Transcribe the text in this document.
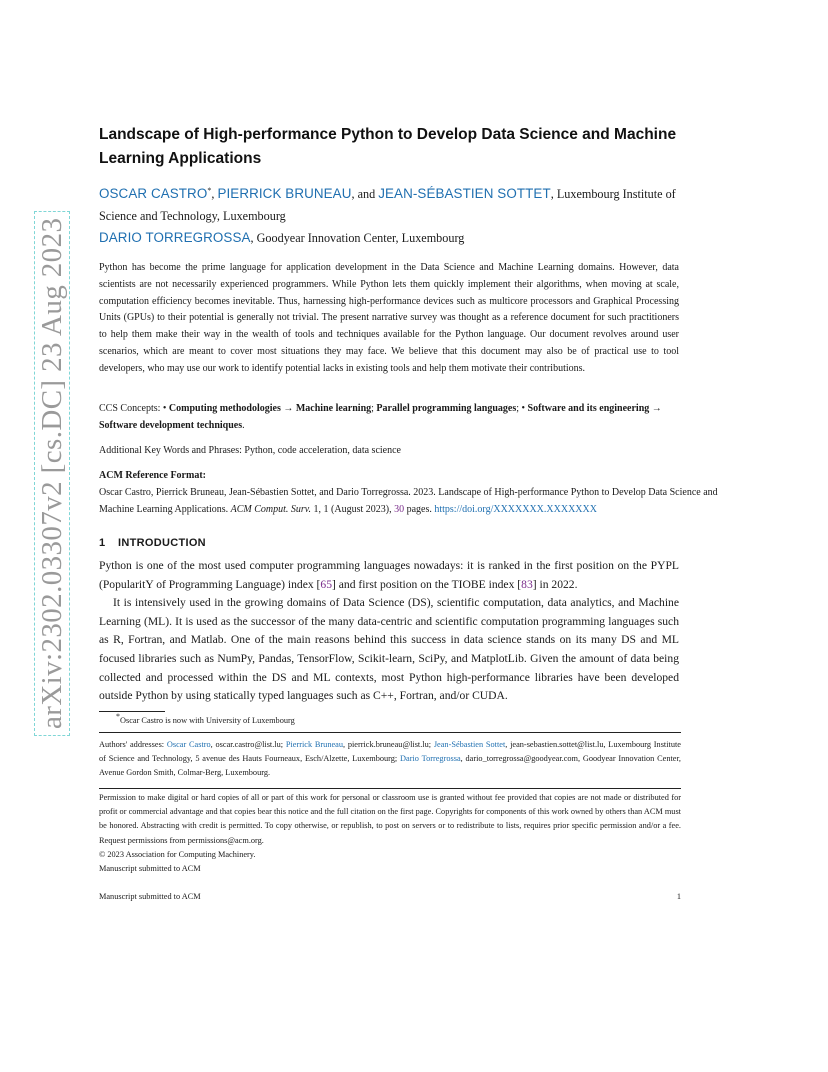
arXiv:2302.03307v2 [cs.DC] 23 Aug 2023
Landscape of High-performance Python to Develop Data Science and Machine Learning Applications
OSCAR CASTRO*, PIERRICK BRUNEAU, and JEAN-SÉBASTIEN SOTTET, Luxembourg Institute of
Science and Technology, Luxembourg
DARIO TORREGROSSA, Goodyear Innovation Center, Luxembourg
Python has become the prime language for application development in the Data Science and Machine Learning domains. However, data scientists are not necessarily experienced programmers. While Python lets them quickly implement their algorithms, when moving at scale, computation efficiency becomes inevitable. Thus, harnessing high-performance devices such as multicore processors and Graphical Processing Units (GPUs) to their potential is generally not trivial. The present narrative survey was thought as a reference document for such practitioners to help them make their way in the wealth of tools and techniques available for the Python language. Our document revolves around user scenarios, which are meant to cover most situations they may face. We believe that this document may also be of practical use to tool developers, who may use our work to identify potential lacks in existing tools and help them motivate their contributions.
CCS Concepts: • Computing methodologies → Machine learning; Parallel programming languages; • Software and its engineering → Software development techniques.
Additional Key Words and Phrases: Python, code acceleration, data science
ACM Reference Format:
Oscar Castro, Pierrick Bruneau, Jean-Sébastien Sottet, and Dario Torregrossa. 2023. Landscape of High-performance Python to Develop Data Science and Machine Learning Applications. ACM Comput. Surv. 1, 1 (August 2023), 30 pages. https://doi.org/XXXXXXX.XXXXXXX
1 INTRODUCTION

Python is one of the most used computer programming languages nowadays: it is ranked in the first position on the PYPL (PopularitY of Programming Language) index [65] and first position on the TIOBE index [83] in 2022.

It is intensively used in the growing domains of Data Science (DS), scientific computation, data analytics, and Machine Learning (ML). It is used as the successor of the many data-centric and scientific computation programming languages such as R, Fortran, and Matlab. One of the main reasons behind this success in data science stands on its many DS and ML focused libraries such as NumPy, Pandas, TensorFlow, Scikit-learn, SciPy, and MatplotLib. Given the amount of data being collected and processed within the DS and ML contexts, most Python high-performance libraries have been developed outside Python by using statically typed languages such as C++, Fortran, and/or CUDA.

*Oscar Castro is now with University of Luxembourg
Authors' addresses: Oscar Castro, oscar.castro@list.lu; Pierrick Bruneau, pierrick.bruneau@list.lu; Jean-Sébastien Sottet, jean-sebastien.sottet@list.lu, Luxembourg Institute of Science and Technology, 5 avenue des Hauts Fourneaux, Esch/Alzette, Luxembourg; Dario Torregrossa, dario_torregrossa@goodyear.com, Goodyear Innovation Center, Avenue Gordon Smith, Colmar-Berg, Luxembourg.

Permission to make digital or hard copies of all or part of this work for personal or classroom use is granted without fee provided that copies are not made or distributed for profit or commercial advantage and that copies bear this notice and the full citation on the first page. Copyrights for components of this work owned by others than ACM must be honored. Abstracting with credit is permitted. To copy otherwise, or republish, to post on servers or to redistribute to lists, requires prior specific permission and/or a fee. Request permissions from permissions@acm.org.

© 2023 Association for Computing Machinery.

Manuscript submitted to ACM

Manuscript submitted to ACM	1
